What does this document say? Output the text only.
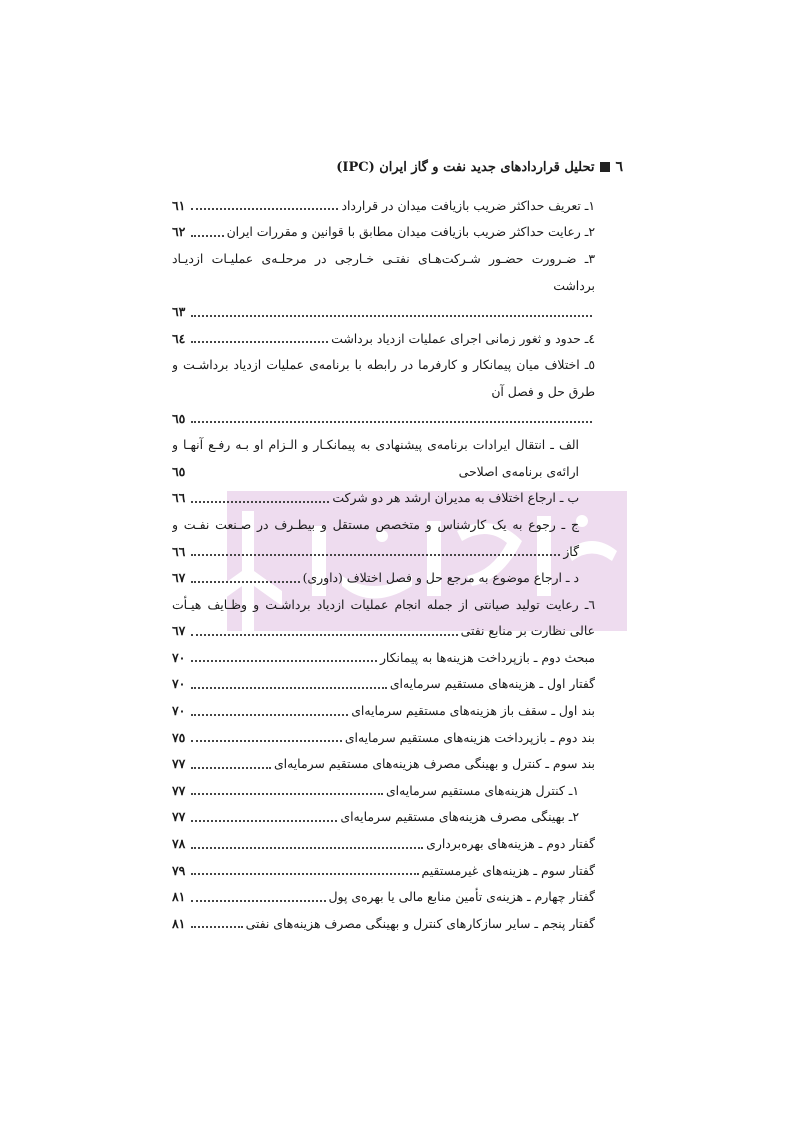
٦
تحلیل قراردادهای جدید نفت و گاز ایران (IPC)
١ـ تعریف حداکثر ضریب بازیافت میدان در قرارداد
٦١
٢ـ رعایت حداکثر ضریب بازیافت میدان مطابق با قوانین و مقررات ایران
٦٢
٣ـ ضـرورت حضـور شـرکت‌هـای نفتـی خـارجی در مرحلـه‌ی عملیـات ازدیـاد
برداشت
٦٣
٤ـ حدود و ثغور زمانی اجرای عملیات ازدیاد برداشت
٦٤
٥ـ اختلاف میان پیمانکار و کارفرما در رابطه با برنامه‌ی عملیات ازدیاد برداشـت و
طرق حل و فصل آن
٦٥
الف ـ انتقال ایرادات برنامه‌ی پیشنهادی به پیمانکـار و الـزام او بـه رفـع آنهـا و
ارائه‌ی برنامه‌ی اصلاحی
٦٥
ب ـ ارجاع اختلاف به مدیران ارشد هر دو شرکت
٦٦
ج ـ رجوع به یک کارشناس و متخصص مستقل و بیطـرف در صـنعت نفـت و
گاز
٦٦
د ـ ارجاع موضوع به مرجع حل و فصل اختلاف (داوری)
٦٧
٦ـ رعایت تولید صیانتی از جمله انجام عملیات ازدیاد برداشـت و وظـایف هیـأت
عالی نظارت بر منابع نفتی
٦٧
مبحث دوم ـ بازپرداخت هزینه‌ها به پیمانکار
٧٠
گفتار اول ـ هزینه‌های مستقیم سرمایه‌ای
٧٠
بند اول ـ سقف باز هزینه‌های مستقیم سرمایه‌ای
٧٠
بند دوم ـ بازپرداخت هزینه‌های مستقیم سرمایه‌ای
٧٥
بند سوم ـ کنترل و بهینگی مصرف هزینه‌های مستقیم سرمایه‌ای
٧٧
١ـ کنترل هزینه‌های مستقیم سرمایه‌ای
٧٧
٢ـ بهینگی مصرف هزینه‌های مستقیم سرمایه‌ای
٧٧
گفتار دوم ـ هزینه‌های بهره‌برداری
٧٨
گفتار سوم ـ هزینه‌های غیرمستقیم
٧٩
گفتار چهارم ـ هزینه‌ی تأمین منابع مالی یا بهره‌ی پول
٨١
گفتار پنجم ـ سایر سازکارهای کنترل و بهینگی مصرف هزینه‌های نفتی
٨١
